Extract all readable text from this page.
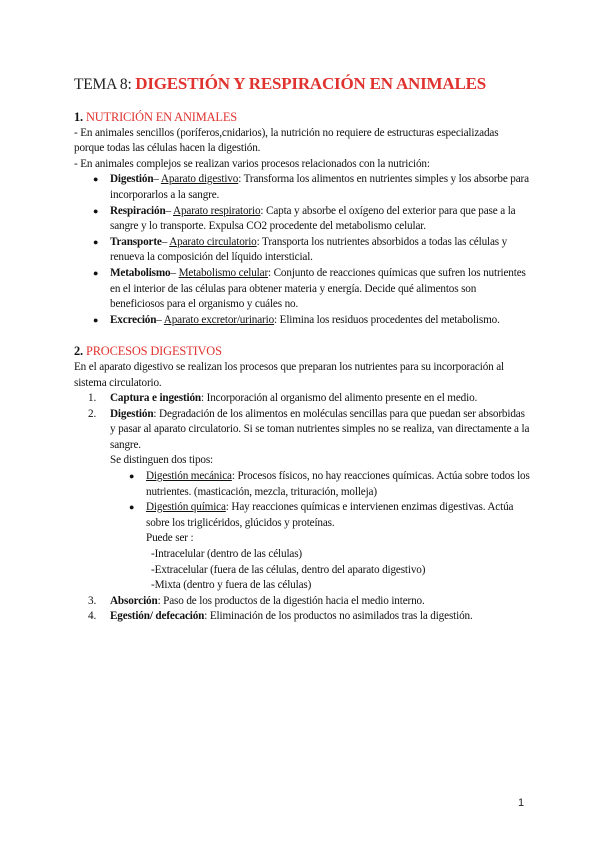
TEMA 8: DIGESTIÓN Y RESPIRACIÓN EN ANIMALES
1. NUTRICIÓN EN ANIMALES

- En animales sencillos (poríferos,cnidarios), la nutrición no requiere de estructuras especializadas porque todas las células hacen la digestión.

- En animales complejos se realizan varios procesos relacionados con la nutrición:

● Digestión– Aparato digestivo: Transforma los alimentos en nutrientes simples y los absorbe para incorporarlos a la sangre.
● Respiración– Aparato respiratorio: Capta y absorbe el oxígeno del exterior para que pase a la sangre y lo transporte. Expulsa CO2 procedente del metabolismo celular.
● Transporte– Aparato circulatorio: Transporta los nutrientes absorbidos a todas las células y renueva la composición del líquido intersticial.
● Metabolismo– Metabolismo celular: Conjunto de reacciones químicas que sufren los nutrientes en el interior de las células para obtener materia y energía. Decide qué alimentos son beneficiosos para el organismo y cuáles no.
● Excreción– Aparato excretor/urinario: Elimina los residuos procedentes del metabolismo.
2. PROCESOS DIGESTIVOS

En el aparato digestivo se realizan los procesos que preparan los nutrientes para su incorporación al sistema circulatorio.

1. Captura e ingestión: Incorporación al organismo del alimento presente en el medio.
2. Digestión: Degradación de los alimentos en moléculas sencillas para que puedan ser absorbidas y pasar al aparato circulatorio. Si se toman nutrientes simples no se realiza, van directamente a la sangre.

Se distinguen dos tipos:

● Digestión mecánica: Procesos físicos, no hay reacciones químicas. Actúa sobre todos los nutrientes. (masticación, mezcla, trituración, molleja)
● Digestión química: Hay reacciones químicas e intervienen enzimas digestivas. Actúa sobre los triglicéridos, glúcidos y proteínas.

Puede ser :

-Intracelular (dentro de las células)

-Extracelular (fuera de las células, dentro del aparato digestivo)

-Mixta (dentro y fuera de las células)

3. Absorción: Paso de los productos de la digestión hacia el medio interno.
4. Egestión/ defecación: Eliminación de los productos no asimilados tras la digestión.
1
